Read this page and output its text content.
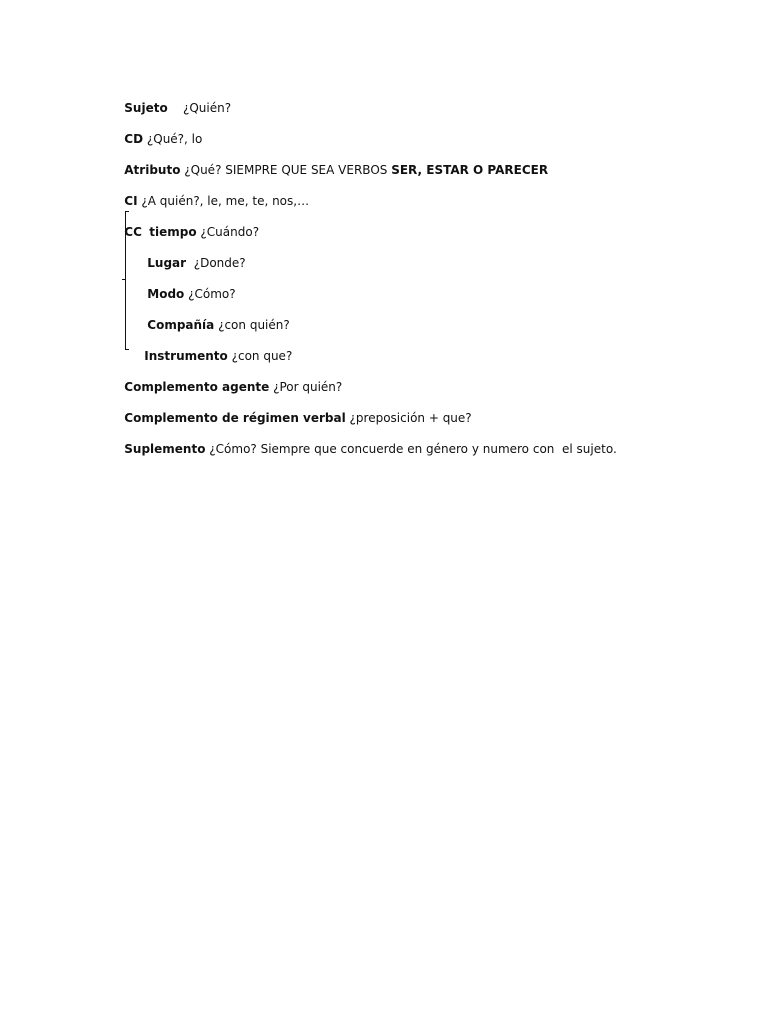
Sujeto ¿Quién?

CD ¿Qué?, lo

Atributo ¿Qué? SIEMPRE QUE SEA VERBOS SER, ESTAR O PARECER

CI ¿A quién?, le, me, te, nos,…

CC
tiempo ¿Cuándo?

Lugar ¿Donde?

Modo ¿Cómo?

Compañía ¿con quién?

Instrumento ¿con que?

Complemento agente ¿Por quién?

Complemento de régimen verbal ¿preposición + que?

Suplemento ¿Cómo? Siempre que concuerde en género y numero con  el sujeto.
